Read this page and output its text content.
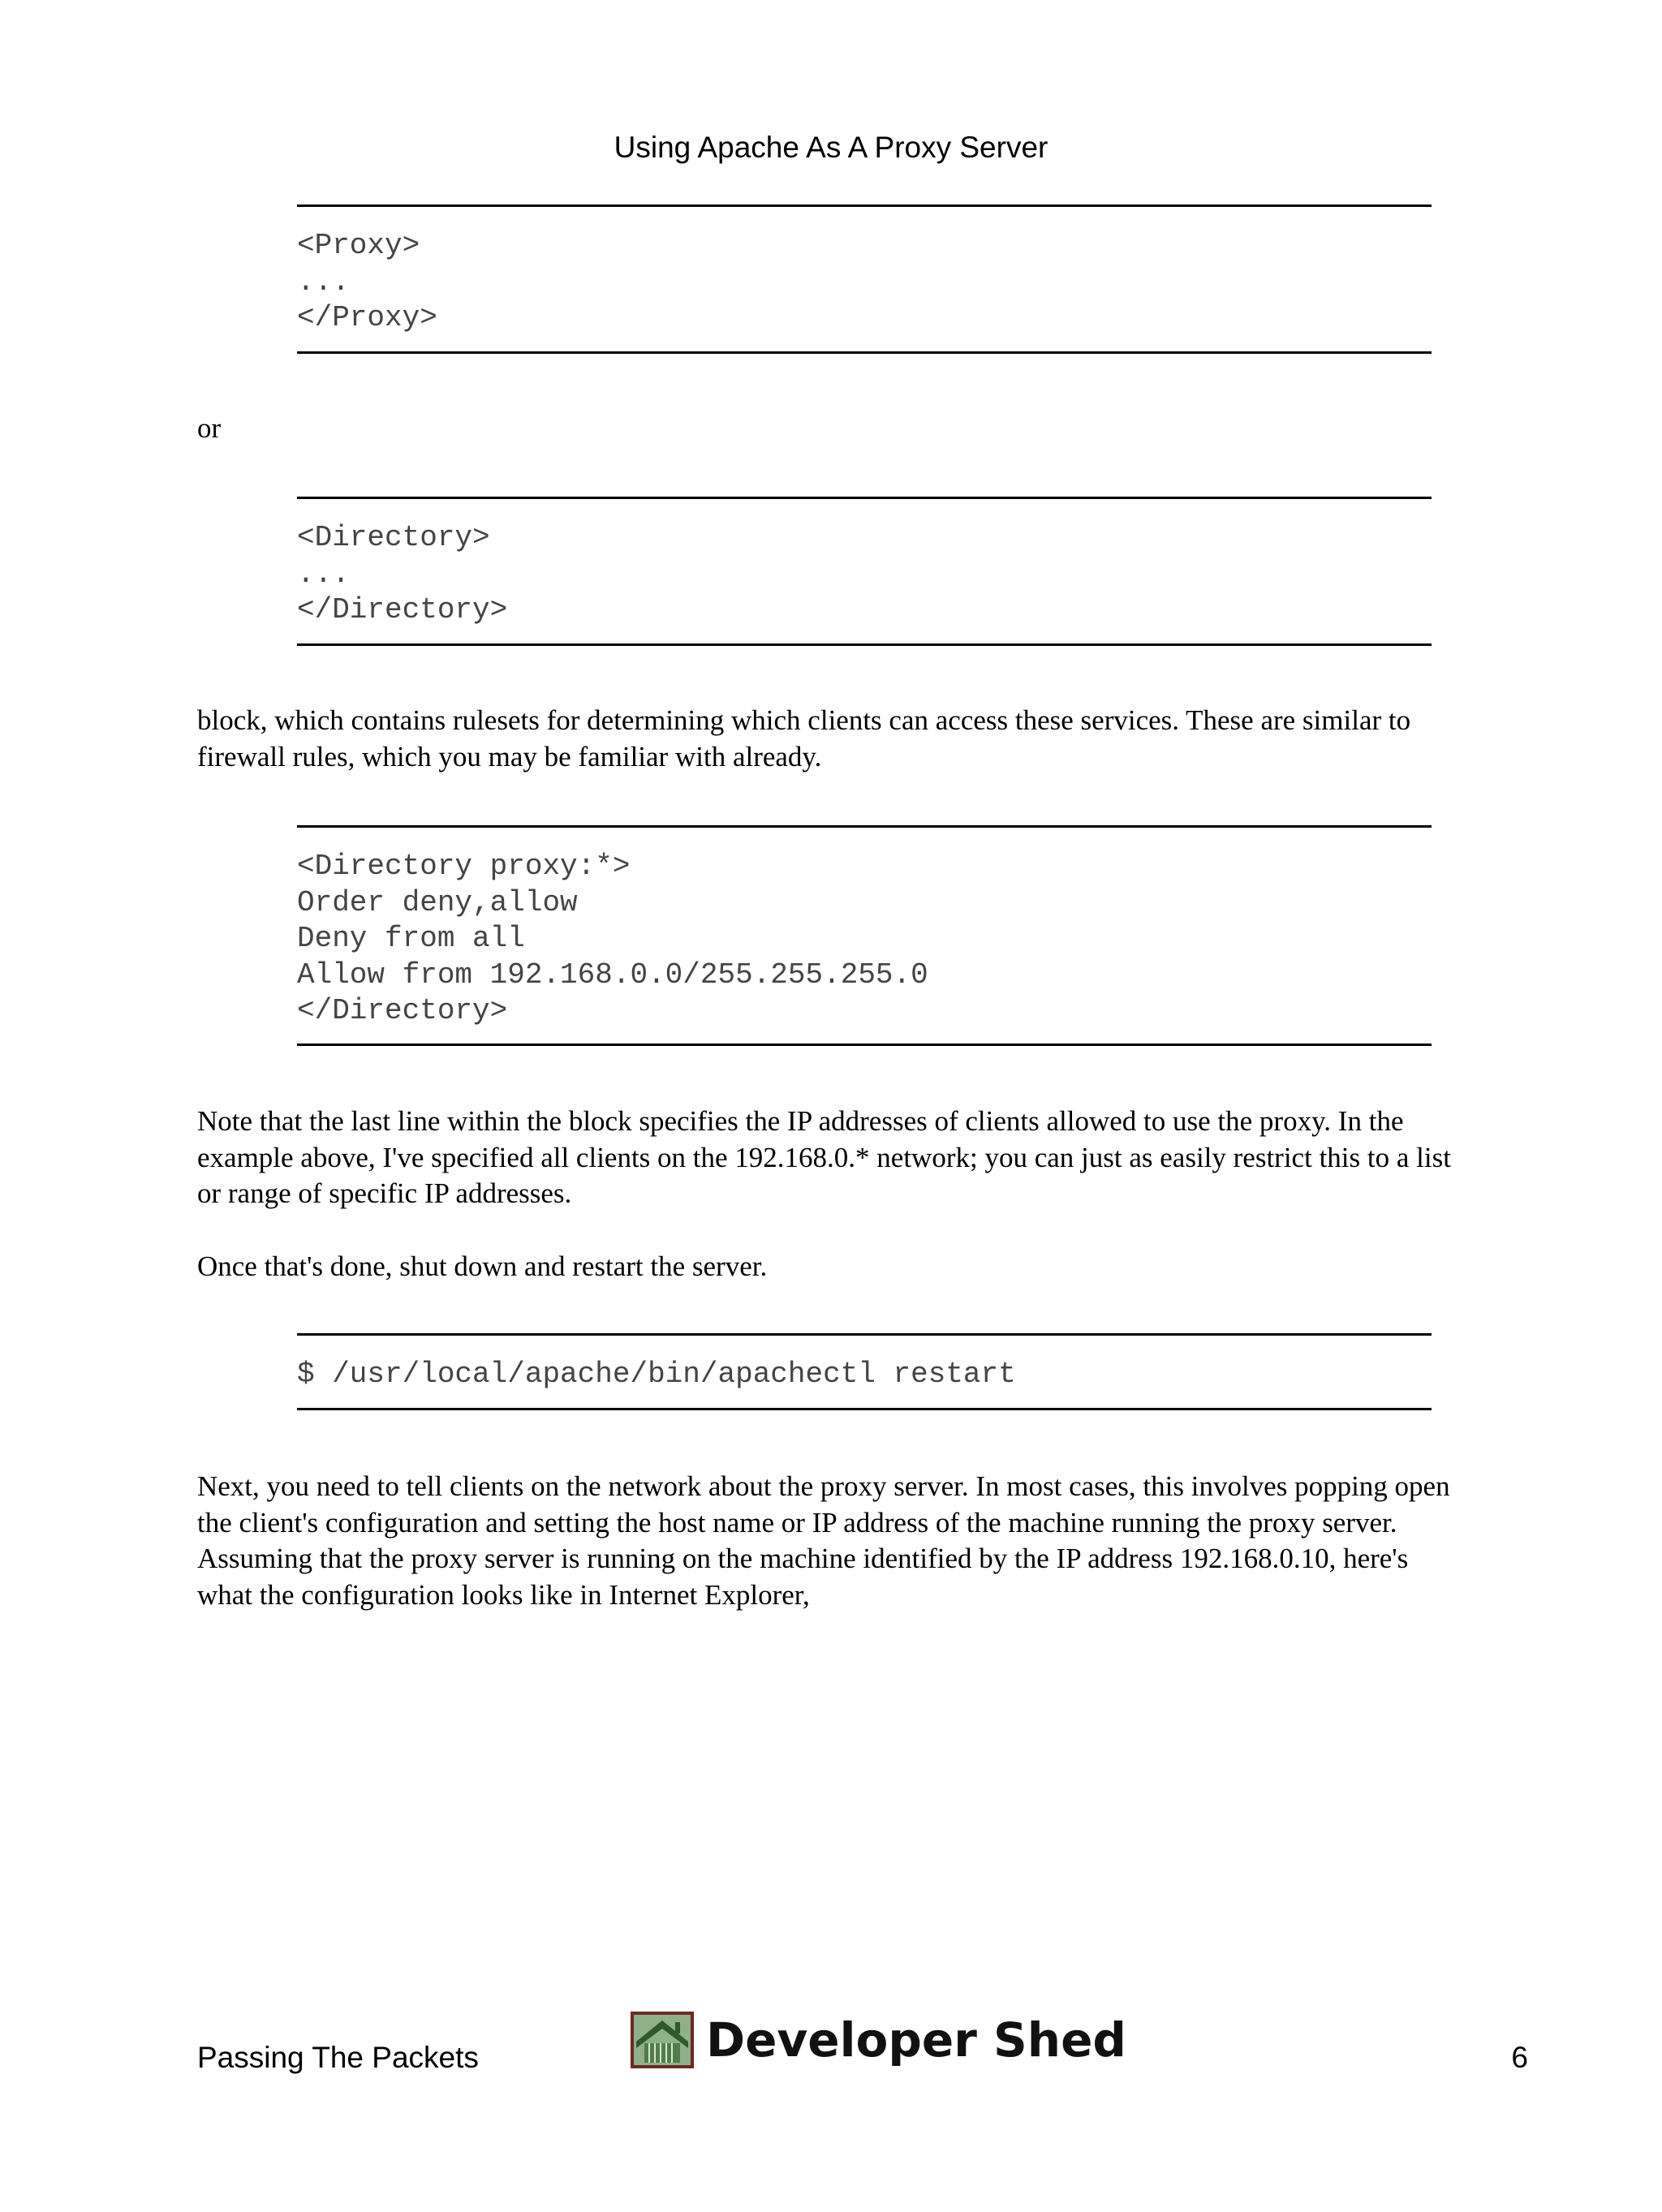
Using Apache As A Proxy Server
<Proxy>
...
</Proxy>
or
<Directory>
...
</Directory>
block, which contains rulesets for determining which clients can access these services. These are similar to
firewall rules, which you may be familiar with already.
<Directory proxy:*>
Order deny,allow
Deny from all
Allow from 192.168.0.0/255.255.255.0
</Directory>
Note that the last line within the block specifies the IP addresses of clients allowed to use the proxy. In the
example above, I've specified all clients on the 192.168.0.* network; you can just as easily restrict this to a list
or range of specific IP addresses.
Once that's done, shut down and restart the server.
$ /usr/local/apache/bin/apachectl restart
Next, you need to tell clients on the network about the proxy server. In most cases, this involves popping open
the client's configuration and setting the host name or IP address of the machine running the proxy server.
Assuming that the proxy server is running on the machine identified by the IP address 192.168.0.10, here's
what the configuration looks like in Internet Explorer,
Passing The Packets	Developer Shed	6
